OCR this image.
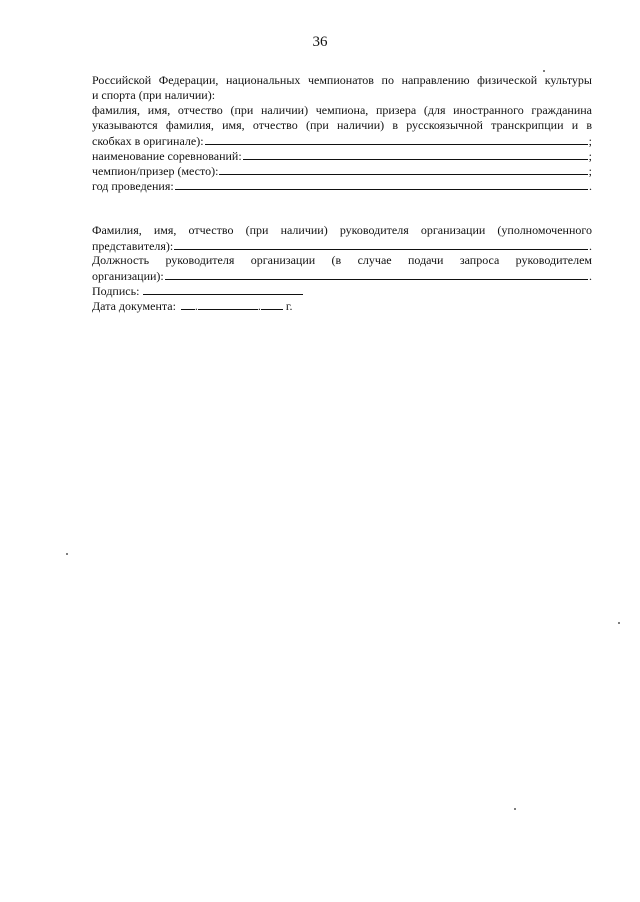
36
Российской Федерации, национальных чемпионатов по направлению физической культуры
и спорта (при наличии):
фамилия, имя, отчество (при наличии) чемпиона, призера (для иностранного гражданина
указываются фамилия, имя, отчество (при наличии) в русскоязычной транскрипции и в
скобках в оригинале):	;
наименование соревнований:	;
чемпион/призер (место):	;
год проведения:	.
Фамилия, имя, отчество (при наличии) руководителя организации (уполномоченного
представителя):	.
Должность руководителя организации (в случае подачи запроса руководителем
организации):	.
Подпись:
Дата документа: .	. г.
